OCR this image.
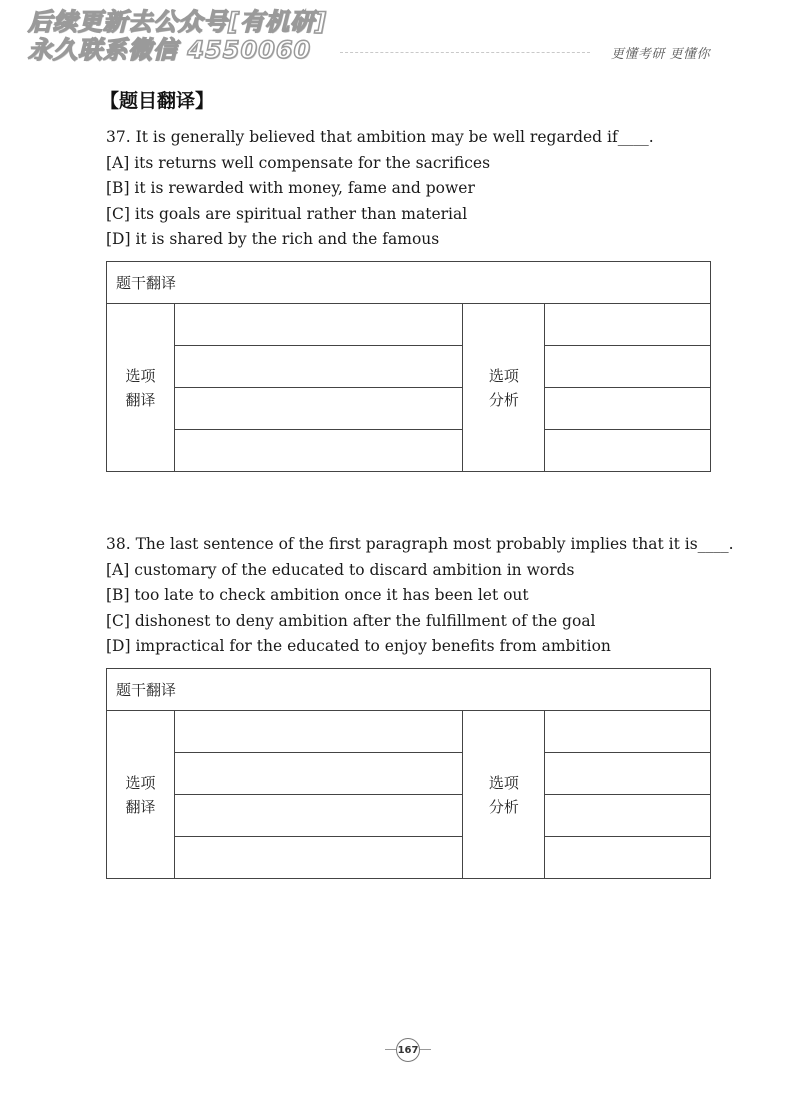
后续更新去公众号[有机研]
永久联系微信 4550060	更懂考研 更懂你
【题目翻译】
37. It is generally believed that ambition may be well regarded if____.
[A] its returns well compensate for the sacrifices
[B] it is rewarded with money, fame and power
[C] its goals are spiritual rather than material
[D] it is shared by the rich and the famous
题干翻译			
选项
翻译		选项
分析	

38. The last sentence of the first paragraph most probably implies that it is____.
[A] customary of the educated to discard ambition in words
[B] too late to check ambition once it has been let out
[C] dishonest to deny ambition after the fulfillment of the goal
[D] impractical for the educated to enjoy benefits from ambition
题干翻译			
选项
翻译		选项
分析	

167
